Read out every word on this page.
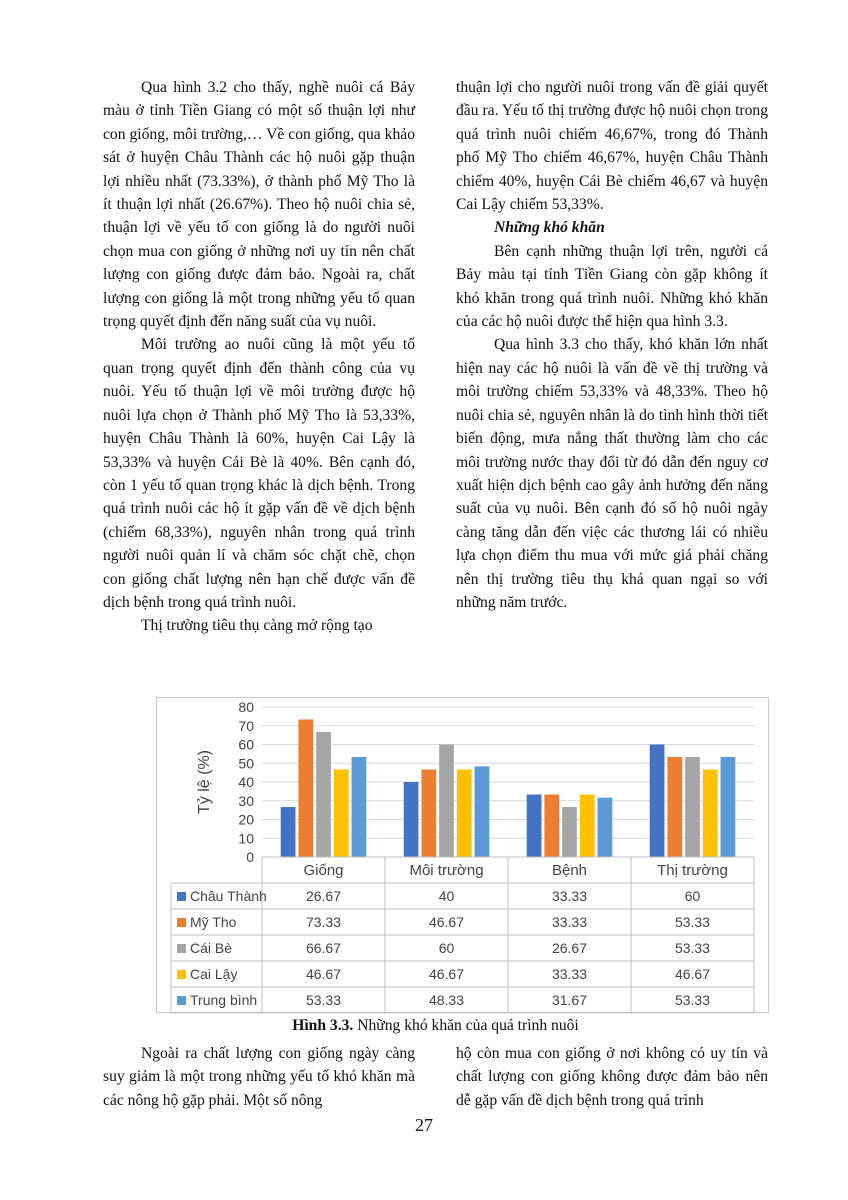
Qua hình 3.2 cho thấy, nghề nuôi cá Bảy màu ở tỉnh Tiền Giang có một số thuận lợi như con giống, môi trường,… Về con giống, qua khảo sát ở huyện Châu Thành các hộ nuôi gặp thuận lợi nhiều nhất (73.33%), ở thành phố Mỹ Tho là ít thuận lợi nhất (26.67%). Theo hộ nuôi chia sẻ, thuận lợi về yếu tố con giống là do người nuôi chọn mua con giống ở những nơi uy tín nên chất lượng con giống được đảm bảo. Ngoài ra, chất lượng con giống là một trong những yếu tố quan trọng quyết định đến năng suất của vụ nuôi.

Môi trường ao nuôi cũng là một yếu tố quan trọng quyết định đến thành công của vụ nuôi. Yếu tố thuận lợi về môi trường được hộ nuôi lựa chọn ở Thành phố Mỹ Tho là 53,33%, huyện Châu Thành là 60%, huyện Cai Lậy là 53,33% và huyện Cái Bè là 40%. Bên cạnh đó, còn 1 yếu tố quan trọng khác là dịch bệnh. Trong quá trình nuôi các hộ ít gặp vấn đề về dịch bệnh (chiếm 68,33%), nguyên nhân trong quá trình người nuôi quản lí và chăm sóc chặt chẽ, chọn con giống chất lượng nên hạn chế được vấn đề dịch bệnh trong quá trình nuôi.

Thị trường tiêu thụ càng mở rộng tạo

thuận lợi cho người nuôi trong vấn đề giải quyết đầu ra. Yếu tố thị trường được hộ nuôi chọn trong quá trình nuôi chiếm 46,67%, trong đó Thành phố Mỹ Tho chiếm 46,67%, huyện Châu Thành chiếm 40%, huyện Cái Bè chiếm 46,67 và huyện Cai Lậy chiếm 53,33%.

Những khó khăn

Bên cạnh những thuận lợi trên, người cá Bảy màu tại tỉnh Tiền Giang còn gặp không ít khó khăn trong quá trình nuôi. Những khó khăn của các hộ nuôi được thể hiện qua hình 3.3.

Qua hình 3.3 cho thấy, khó khăn lớn nhất hiện nay các hộ nuôi là vấn đề về thị trường và môi trường chiếm 53,33% và 48,33%. Theo hộ nuôi chia sẻ, nguyên nhân là do tình hình thời tiết biến động, mưa nắng thất thường làm cho các môi trường nước thay đổi từ đó dẫn đến nguy cơ xuất hiện dịch bệnh cao gây ảnh hưởng đến năng suất của vụ nuôi. Bên cạnh đó số hộ nuôi ngày càng tăng dẫn đến việc các thương lái có nhiều lựa chọn điểm thu mua với mức giá phải chăng nên thị trường tiêu thụ khá quan ngại so với những năm trước.

0
10
20
30
40
50
60
70
80
Tỷ lệ (%)
Giống	Môi trường	Bệnh	Thị trường
Châu Thành	26.67	40	33.33	60
Mỹ Tho	73.33	46.67	33.33	53.33
Cái Bè	66.67	60	26.67	53.33
Cai Lậy	46.67	46.67	33.33	46.67
Trung bình	53.33	48.33	31.67	53.33
Hình 3.3. Những khó khăn của quá trình nuôi

Ngoài ra chất lượng con giống ngày càng suy giảm là một trong những yếu tố khó khăn mà các nông hộ gặp phải. Một số nông

hộ còn mua con giống ở nơi không có uy tín và chất lượng con giống không được đảm bảo nên dễ gặp vấn đề dịch bệnh trong quá trình

27
